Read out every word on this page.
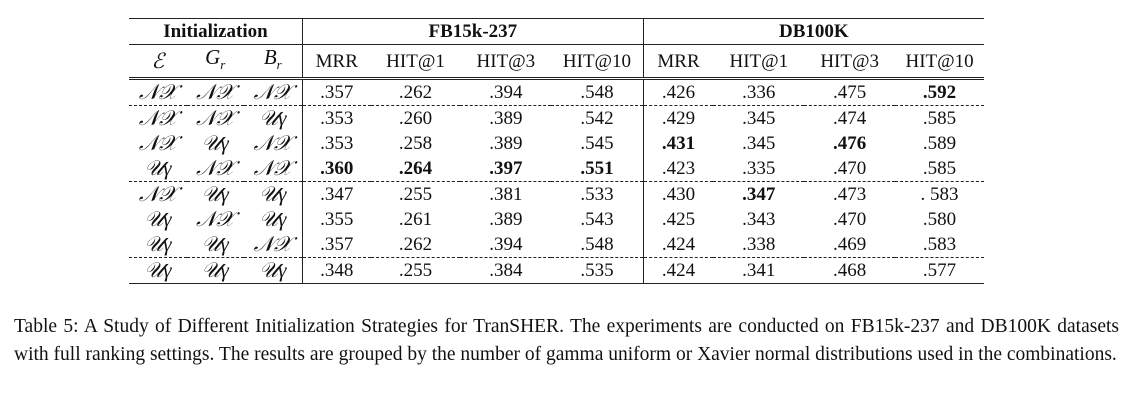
Initialization			FB15k-237				DB100K			
ℰ	$G_r$	$B_r$	MRR	HIT@1	HIT@3	HIT@10	MRR	HIT@1	HIT@3	HIT@10
𝒩𝒳	𝒩𝒳	𝒩𝒳	.357	.262	.394	.548	.426	.336	.475	.592
𝒩𝒳	𝒩𝒳	𝒰γ	.353	.260	.389	.542	.429	.345	.474	.585
𝒩𝒳	𝒰γ	𝒩𝒳	.353	.258	.389	.545	.431	.345	.476	.589
𝒰γ	𝒩𝒳	𝒩𝒳	.360	.264	.397	.551	.423	.335	.470	.585
𝒩𝒳	𝒰γ	𝒰γ	.347	.255	.381	.533	.430	.347	.473	. 583
𝒰γ	𝒩𝒳	𝒰γ	.355	.261	.389	.543	.425	.343	.470	.580
𝒰γ	𝒰γ	𝒩𝒳	.357	.262	.394	.548	.424	.338	.469	.583
𝒰γ	𝒰γ	𝒰γ	.348	.255	.384	.535	.424	.341	.468	.577
Table 5: A Study of Different Initialization Strategies for TranSHER. The experiments are conducted on FB15k-237 and DB100K datasets with full ranking settings. The results are grouped by the number of gamma uniform or Xavier normal distributions used in the combinations.
